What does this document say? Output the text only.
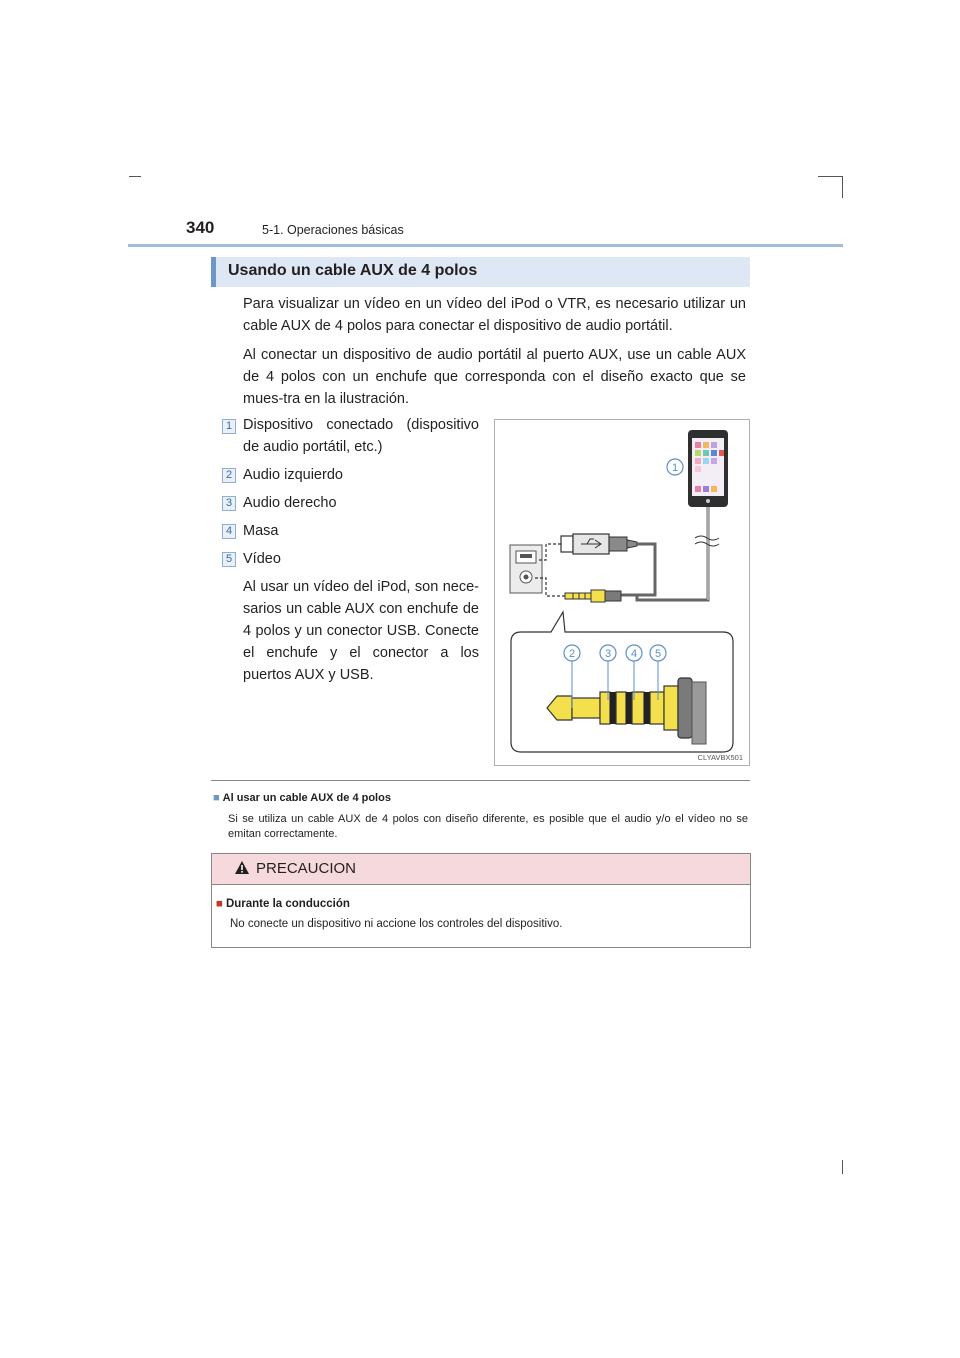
340	5-1. Operaciones básicas
Usando un cable AUX de 4 polos
Para visualizar un vídeo en un vídeo del iPod o VTR, es necesario utilizar un cable AUX de 4 polos para conectar el dispositivo de audio portátil.
Al conectar un dispositivo de audio portátil al puerto AUX, use un cable AUX de 4 polos con un enchufe que corresponda con el diseño exacto que se mues-tra en la ilustración.
1 Dispositivo conectado (dispositivo
de audio portátil, etc.)
2 Audio izquierdo
3 Audio derecho
4 Masa
5 Vídeo
Al usar un vídeo del iPod, son nece-sarios un cable AUX con enchufe de 4 polos y un conector USB. Conecte el enchufe y el conector a los puertos AUX y USB.
1
2	3 4 5
CLYAVBX501
■ Al usar un cable AUX de 4 polos
Si se utiliza un cable AUX de 4 polos con diseño diferente, es posible que el audio y/o el vídeo no se emitan correctamente.
PRECAUCION
■ Durante la conducción
No conecte un dispositivo ni accione los controles del dispositivo.
